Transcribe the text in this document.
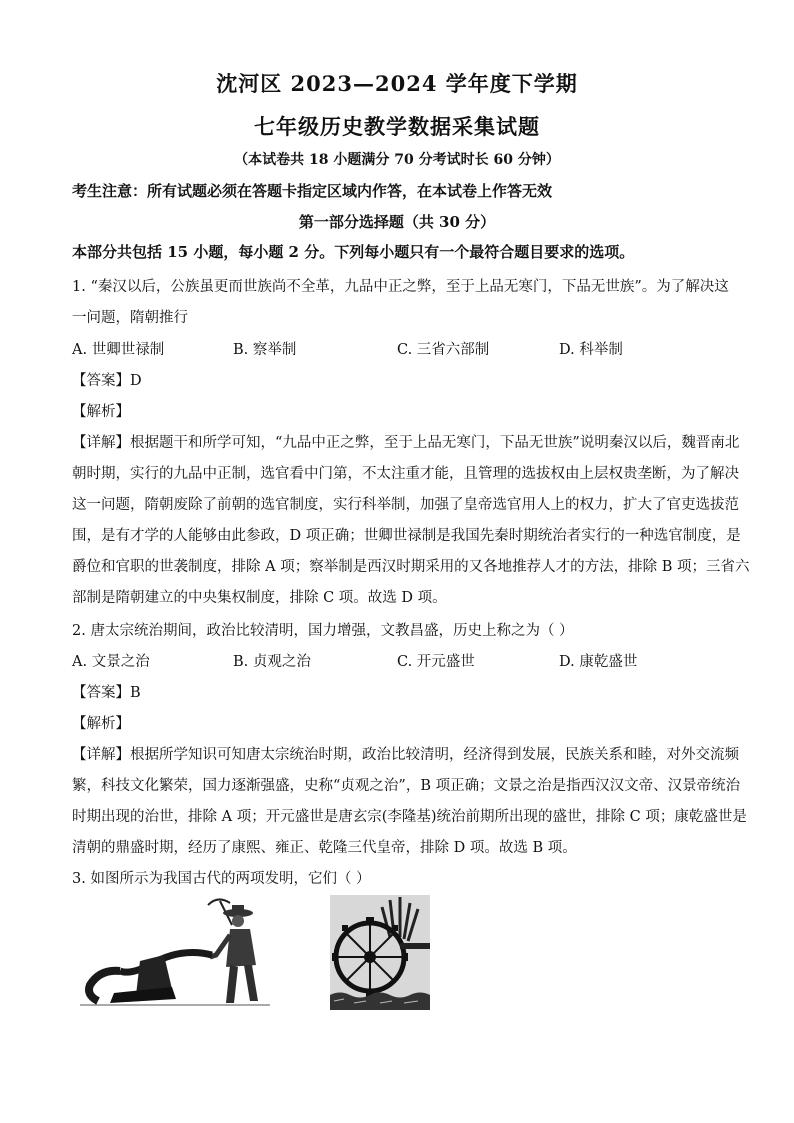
沈河区 2023—2024 学年度下学期
七年级历史教学数据采集试题
（本试卷共 18 小题满分 70 分考试时长 60 分钟）
考生注意：所有试题必须在答题卡指定区域内作答，在本试卷上作答无效
第一部分选择题（共 30 分）
本部分共包括 15 小题，每小题 2 分。下列每小题只有一个最符合题目要求的选项。
1. “秦汉以后，公族虽更而世族尚不全革，九品中正之弊，至于上品无寒门，下品无世族”。为了解决这
一问题，隋朝推行
A. 世卿世禄制	B. 察举制	C. 三省六部制	D. 科举制
【答案】D
【解析】
【详解】根据题干和所学可知，“九品中正之弊，至于上品无寒门，下品无世族”说明秦汉以后，魏晋南北
朝时期，实行的九品中正制，选官看中门第，不太注重才能，且管理的选拔权由上层权贵垄断，为了解决
这一问题，隋朝废除了前朝的选官制度，实行科举制，加强了皇帝选官用人上的权力，扩大了官吏选拔范
围，是有才学的人能够由此参政，D 项正确；世卿世禄制是我国先秦时期统治者实行的一种选官制度，是
爵位和官职的世袭制度，排除 A 项；察举制是西汉时期采用的又各地推荐人才的方法，排除 B 项；三省六
部制是隋朝建立的中央集权制度，排除 C 项。故选 D 项。
2. 唐太宗统治期间，政治比较清明，国力增强，文教昌盛，历史上称之为（ ）
A. 文景之治	B. 贞观之治	C. 开元盛世	D. 康乾盛世
【答案】B
【解析】
【详解】根据所学知识可知唐太宗统治时期，政治比较清明，经济得到发展，民族关系和睦，对外交流频
繁，科技文化繁荣，国力逐渐强盛，史称“贞观之治”，B 项正确；文景之治是指西汉汉文帝、汉景帝统治
时期出现的治世，排除 A 项；开元盛世是唐玄宗(李隆基)统治前期所出现的盛世，排除 C 项；康乾盛世是
清朝的鼎盛时期，经历了康熙、雍正、乾隆三代皇帝，排除 D 项。故选 B 项。
3. 如图所示为我国古代的两项发明，它们（ ）
